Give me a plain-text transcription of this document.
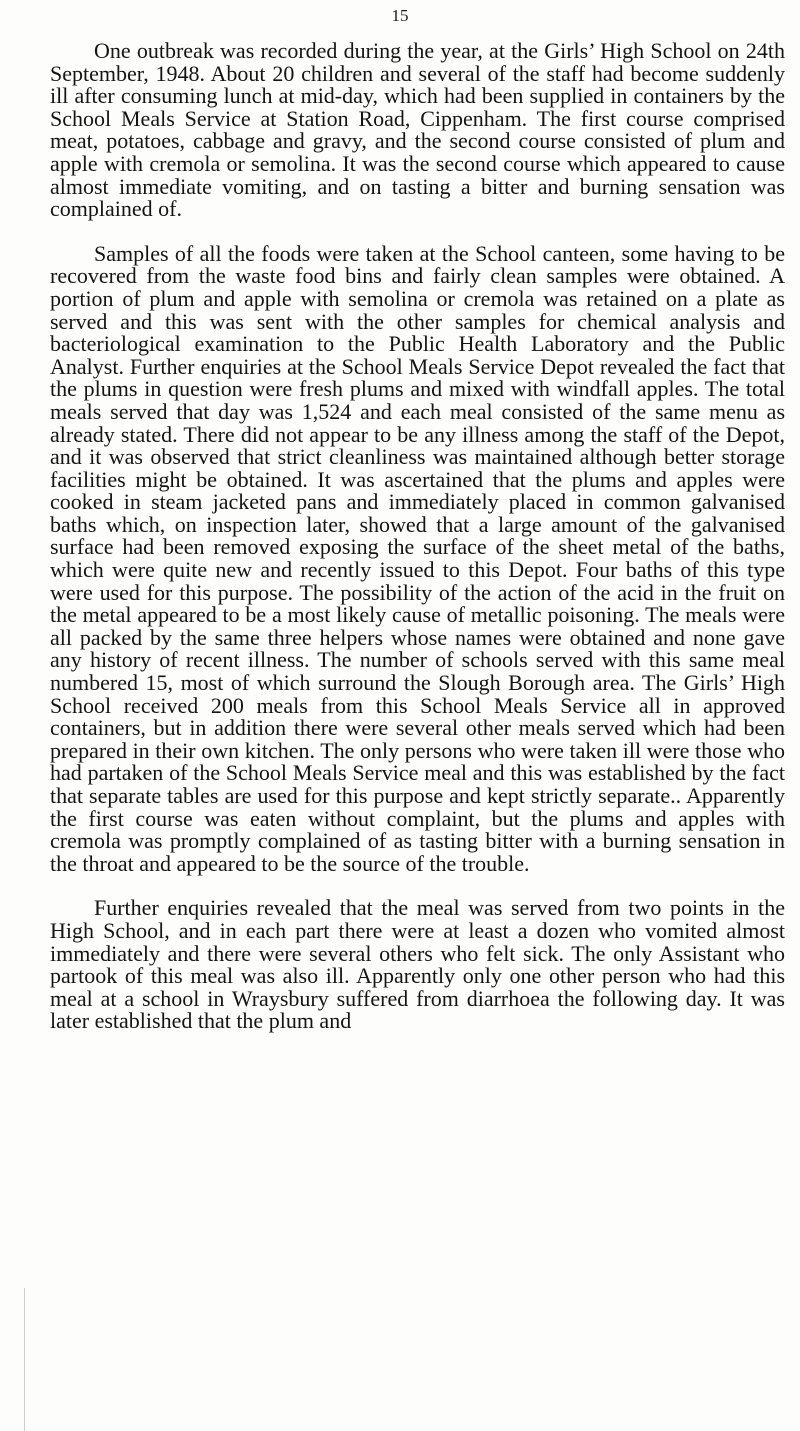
15

One outbreak was recorded during the year, at the Girls’ High School on 24th September, 1948. About 20 children and several of the staff had become suddenly ill after consuming lunch at mid-day, which had been supplied in containers by the School Meals Service at Station Road, Cippenham. The first course comprised meat, potatoes, cabbage and gravy, and the second course consisted of plum and apple with cremola or semolina. It was the second course which appeared to cause almost immediate vomiting, and on tasting a bitter and burning sensation was complained of.

Samples of all the foods were taken at the School canteen, some having to be recovered from the waste food bins and fairly clean samples were obtained. A portion of plum and apple with semolina or cremola was retained on a plate as served and this was sent with the other samples for chemical analysis and bacteriological examination to the Public Health Laboratory and the Public Analyst. Further enquiries at the School Meals Service Depot revealed the fact that the plums in question were fresh plums and mixed with windfall apples. The total meals served that day was 1,524 and each meal consisted of the same menu as already stated. There did not appear to be any illness among the staff of the Depot, and it was observed that strict cleanliness was maintained although better storage facilities might be obtained. It was ascertained that the plums and apples were cooked in steam jacketed pans and immediately placed in common galvanised baths which, on inspection later, showed that a large amount of the galvanised surface had been removed exposing the surface of the sheet metal of the baths, which were quite new and recently issued to this Depot. Four baths of this type were used for this purpose. The possibility of the action of the acid in the fruit on the metal appeared to be a most likely cause of metallic poisoning. The meals were all packed by the same three helpers whose names were obtained and none gave any history of recent illness. The number of schools served with this same meal numbered 15, most of which surround the Slough Borough area. The Girls’ High School received 200 meals from this School Meals Service all in approved containers, but in addition there were several other meals served which had been prepared in their own kitchen. The only persons who were taken ill were those who had partaken of the School Meals Service meal and this was established by the fact that separate tables are used for this purpose and kept strictly separate.. Apparently the first course was eaten without complaint, but the plums and apples with cremola was promptly complained of as tasting bitter with a burning sensation in the throat and appeared to be the source of the trouble.

Further enquiries revealed that the meal was served from two points in the High School, and in each part there were at least a dozen who vomited almost immediately and there were several others who felt sick. The only Assistant who partook of this meal was also ill. Apparently only one other person who had this meal at a school in Wraysbury suffered from diarrhoea the following day. It was later established that the plum and
